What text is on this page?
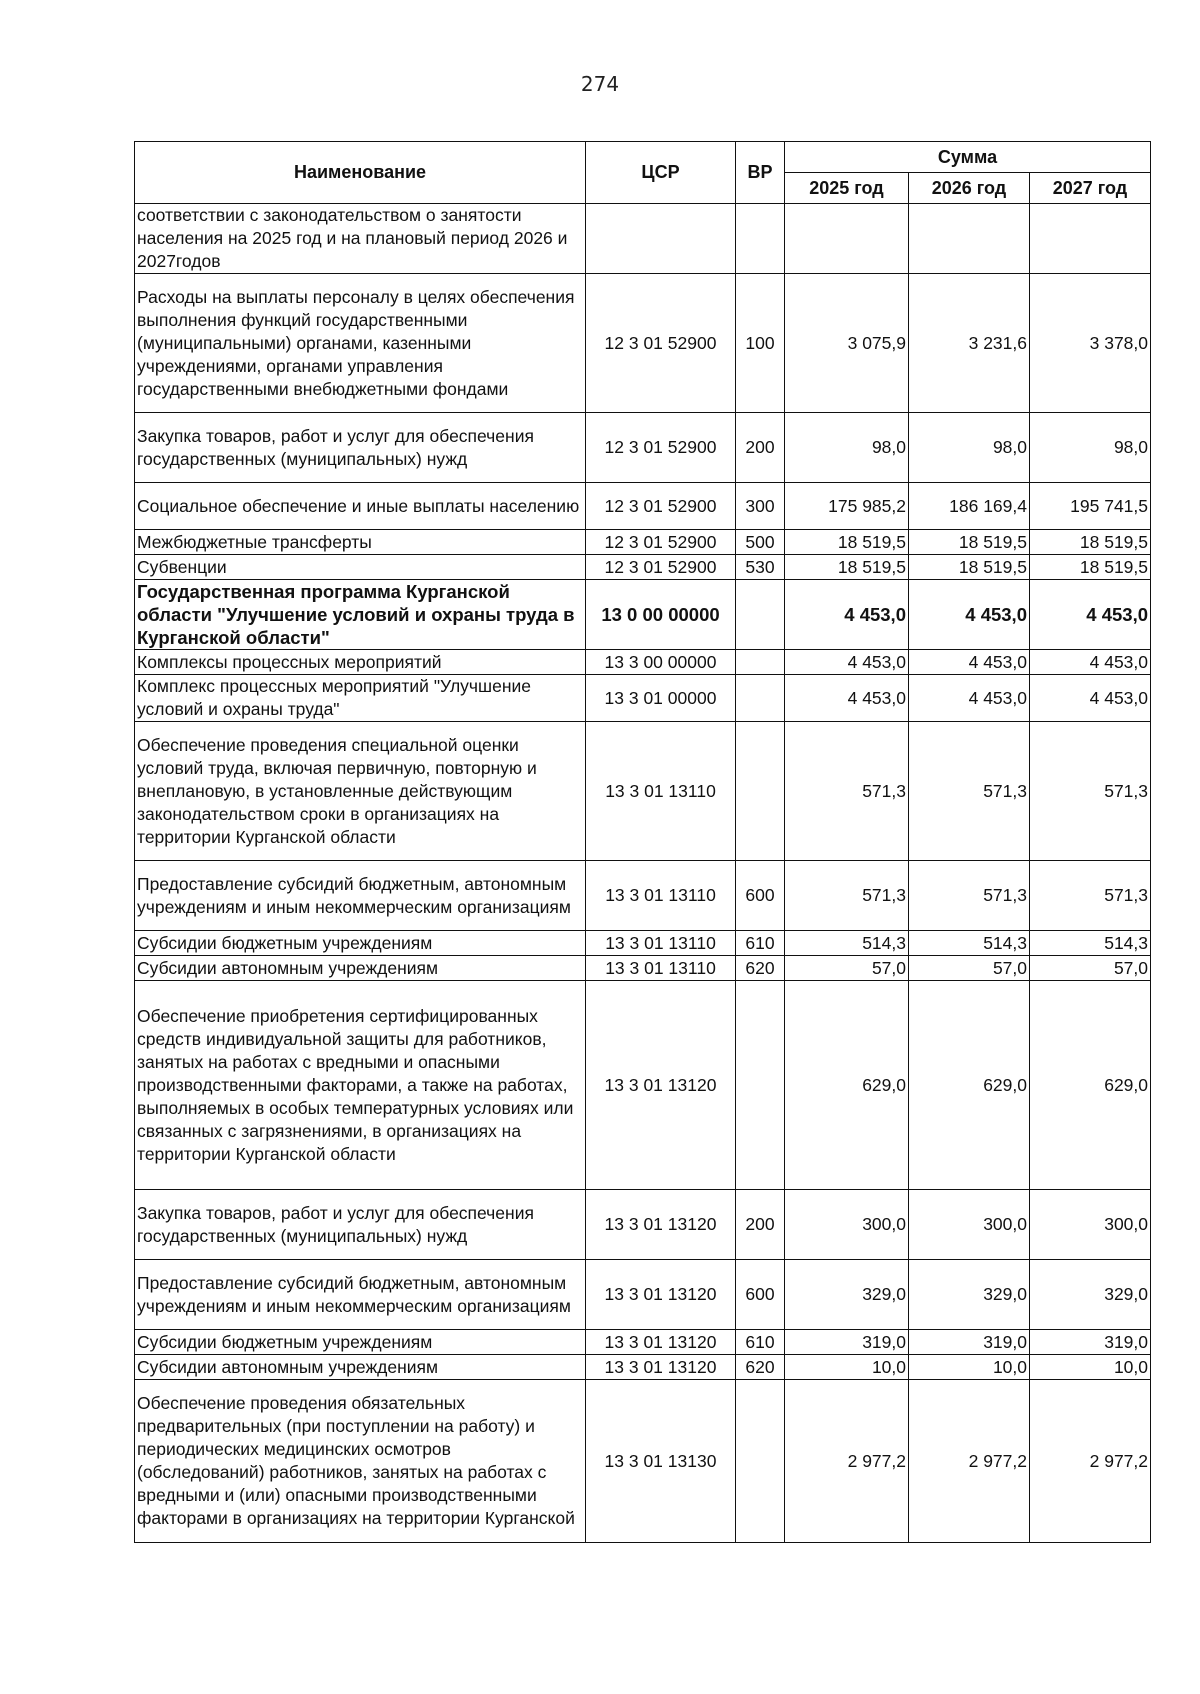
274
Наименование	ЦСР	ВР	Сумма		
			2025 год	2026 год	2027 год
соответствии с законодательством о занятости населения на 2025 год и на плановый период 2026 и 2027годов					
Расходы на выплаты персоналу в целях обеспечения выполнения функций государственными (муниципальными) органами, казенными учреждениями, органами управления государственными внебюджетными фондами	12 3 01 52900	100	3 075,9	3 231,6	3 378,0
Закупка товаров, работ и услуг для обеспечения государственных (муниципальных) нужд	12 3 01 52900	200	98,0	98,0	98,0
Социальное обеспечение и иные выплаты населению	12 3 01 52900	300	175 985,2	186 169,4	195 741,5
Межбюджетные трансферты	12 3 01 52900	500	18 519,5	18 519,5	18 519,5
Субвенции	12 3 01 52900	530	18 519,5	18 519,5	18 519,5
Государственная программа Курганской области "Улучшение условий и охраны труда в Курганской области"	13 0 00 00000		4 453,0	4 453,0	4 453,0
Комплексы процессных мероприятий	13 3 00 00000		4 453,0	4 453,0	4 453,0
Комплекс процессных мероприятий "Улучшение условий и охраны труда"	13 3 01 00000		4 453,0	4 453,0	4 453,0
Обеспечение проведения специальной оценки условий труда, включая первичную, повторную и внеплановую, в установленные действующим законодательством сроки в организациях на территории Курганской области	13 3 01 13110		571,3	571,3	571,3
Предоставление субсидий бюджетным, автономным учреждениям и иным некоммерческим организациям	13 3 01 13110	600	571,3	571,3	571,3
Субсидии бюджетным учреждениям	13 3 01 13110	610	514,3	514,3	514,3
Субсидии автономным учреждениям	13 3 01 13110	620	57,0	57,0	57,0
Обеспечение приобретения сертифицированных средств индивидуальной защиты для работников, занятых на работах с вредными и опасными производственными факторами, а также на работах, выполняемых в особых температурных условиях или связанных с загрязнениями, в организациях на территории Курганской области	13 3 01 13120		629,0	629,0	629,0
Закупка товаров, работ и услуг для обеспечения государственных (муниципальных) нужд	13 3 01 13120	200	300,0	300,0	300,0
Предоставление субсидий бюджетным, автономным учреждениям и иным некоммерческим организациям	13 3 01 13120	600	329,0	329,0	329,0
Субсидии бюджетным учреждениям	13 3 01 13120	610	319,0	319,0	319,0
Субсидии автономным учреждениям	13 3 01 13120	620	10,0	10,0	10,0
Обеспечение проведения обязательных предварительных (при поступлении на работу) и периодических медицинских осмотров (обследований) работников, занятых на работах с вредными и (или) опасными производственными факторами в организациях на территории Курганской	13 3 01 13130		2 977,2	2 977,2	2 977,2
